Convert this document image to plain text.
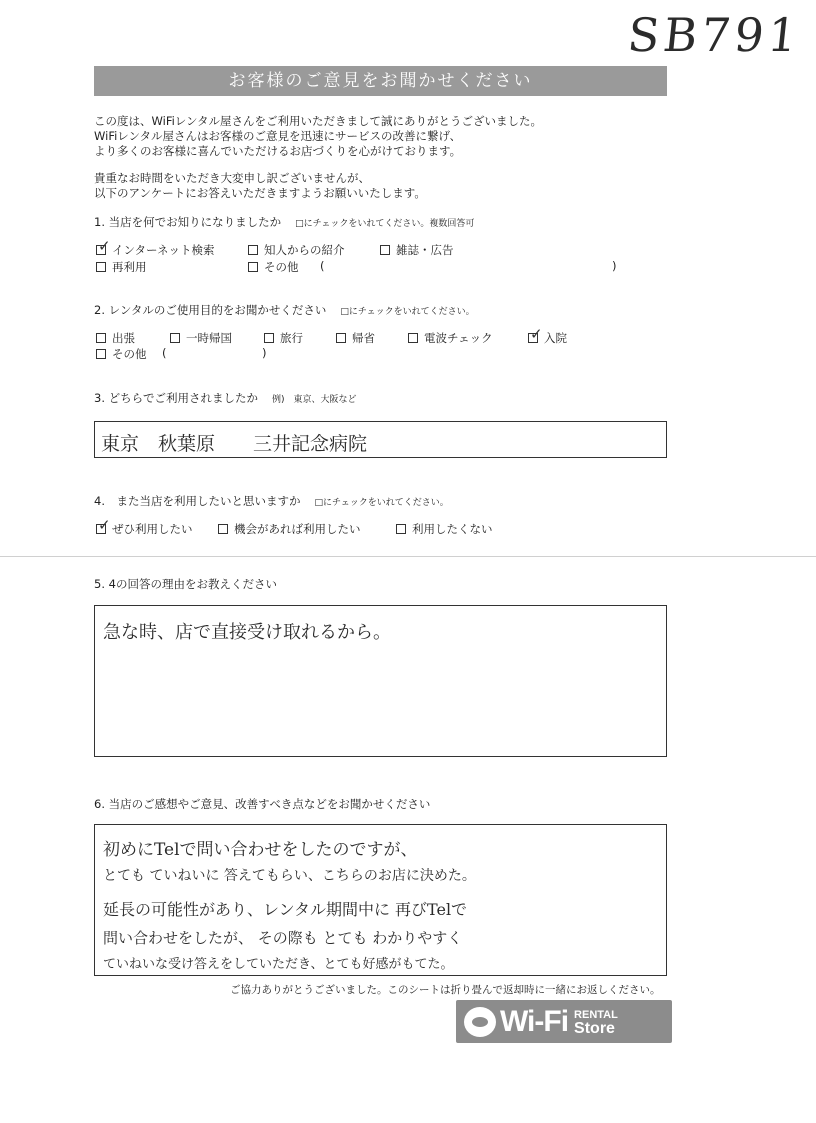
SB791
お客様のご意見をお聞かせください
この度は、WiFiレンタル屋さんをご利用いただきまして誠にありがとうございました。
WiFiレンタル屋さんはお客様のご意見を迅速にサービスの改善に繋げ、
より多くのお客様に喜んでいただけるお店づくりを心がけております。
貴重なお時間をいただき大変申し訳ございませんが、
以下のアンケートにお答えいただきますようお願いいたします。
1. 当店を何でお知りになりましたか □にチェックをいれてください。複数回答可
✓ インターネット検索	知人からの紹介	雑誌・広告
再利用	その他 (	)
2. レンタルのご使用目的をお聞かせください □にチェックをいれてください。
出張	一時帰国	旅行	帰省	電波チェック ✓ 入院
その他 (	)
3. どちらでご利用されましたか 例)　東京、大阪など
東京　秋葉原　　三井記念病院
4.　また当店を利用したいと思いますか □にチェックをいれてください。
✓ ぜひ利用したい	機会があれば利用したい	利用したくない
5. 4の回答の理由をお教えください
急な時、店で直接受け取れるから。
6. 当店のご感想やご意見、改善すべき点などをお聞かせください
初めにTelで問い合わせをしたのですが、
とても ていねいに 答えてもらい、こちらのお店に決めた。
延長の可能性があり、レンタル期間中に 再びTelで
問い合わせをしたが、 その際も とても わかりやすく
ていねいな受け答えをしていただき、とても好感がもてた。
ご協力ありがとうございました。このシートは折り畳んで返却時に一緒にお返しください。
Wi-Fi RENTAL
Store
